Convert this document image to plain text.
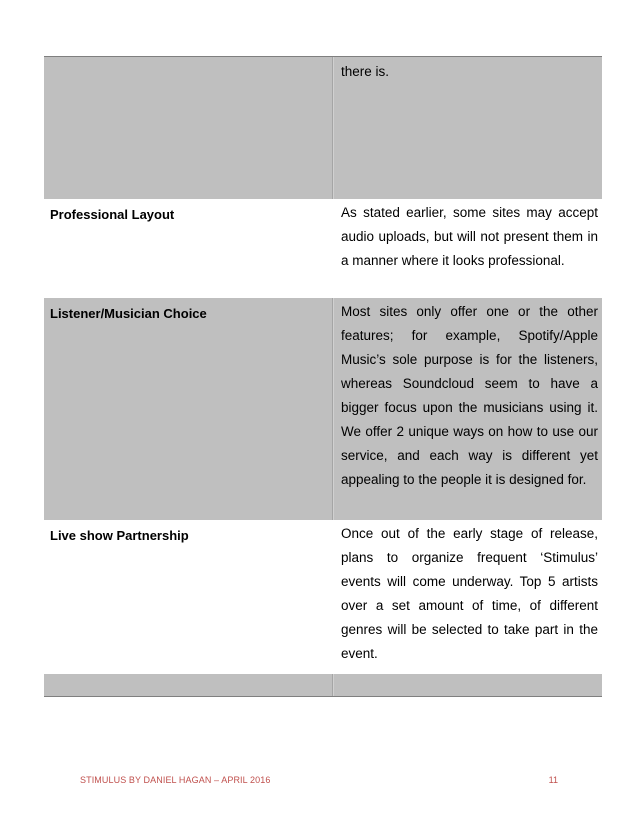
there is.
Professional Layout	As stated earlier, some sites may accept audio uploads, but will not present them in a manner where it looks professional.
Listener/Musician Choice	Most sites only offer one or the other features; for example, Spotify/Apple Music’s sole purpose is for the listeners, whereas Soundcloud seem to have a bigger focus upon the musicians using it. We offer 2 unique ways on how to use our service, and each way is different yet appealing to the people it is designed for.
Live show Partnership	Once out of the early stage of release, plans to organize frequent ‘Stimulus’ events will come underway. Top 5 artists over a set amount of time, of different genres will be selected to take part in the event.
STIMULUS BY DANIEL HAGAN – APRIL 2016	11
